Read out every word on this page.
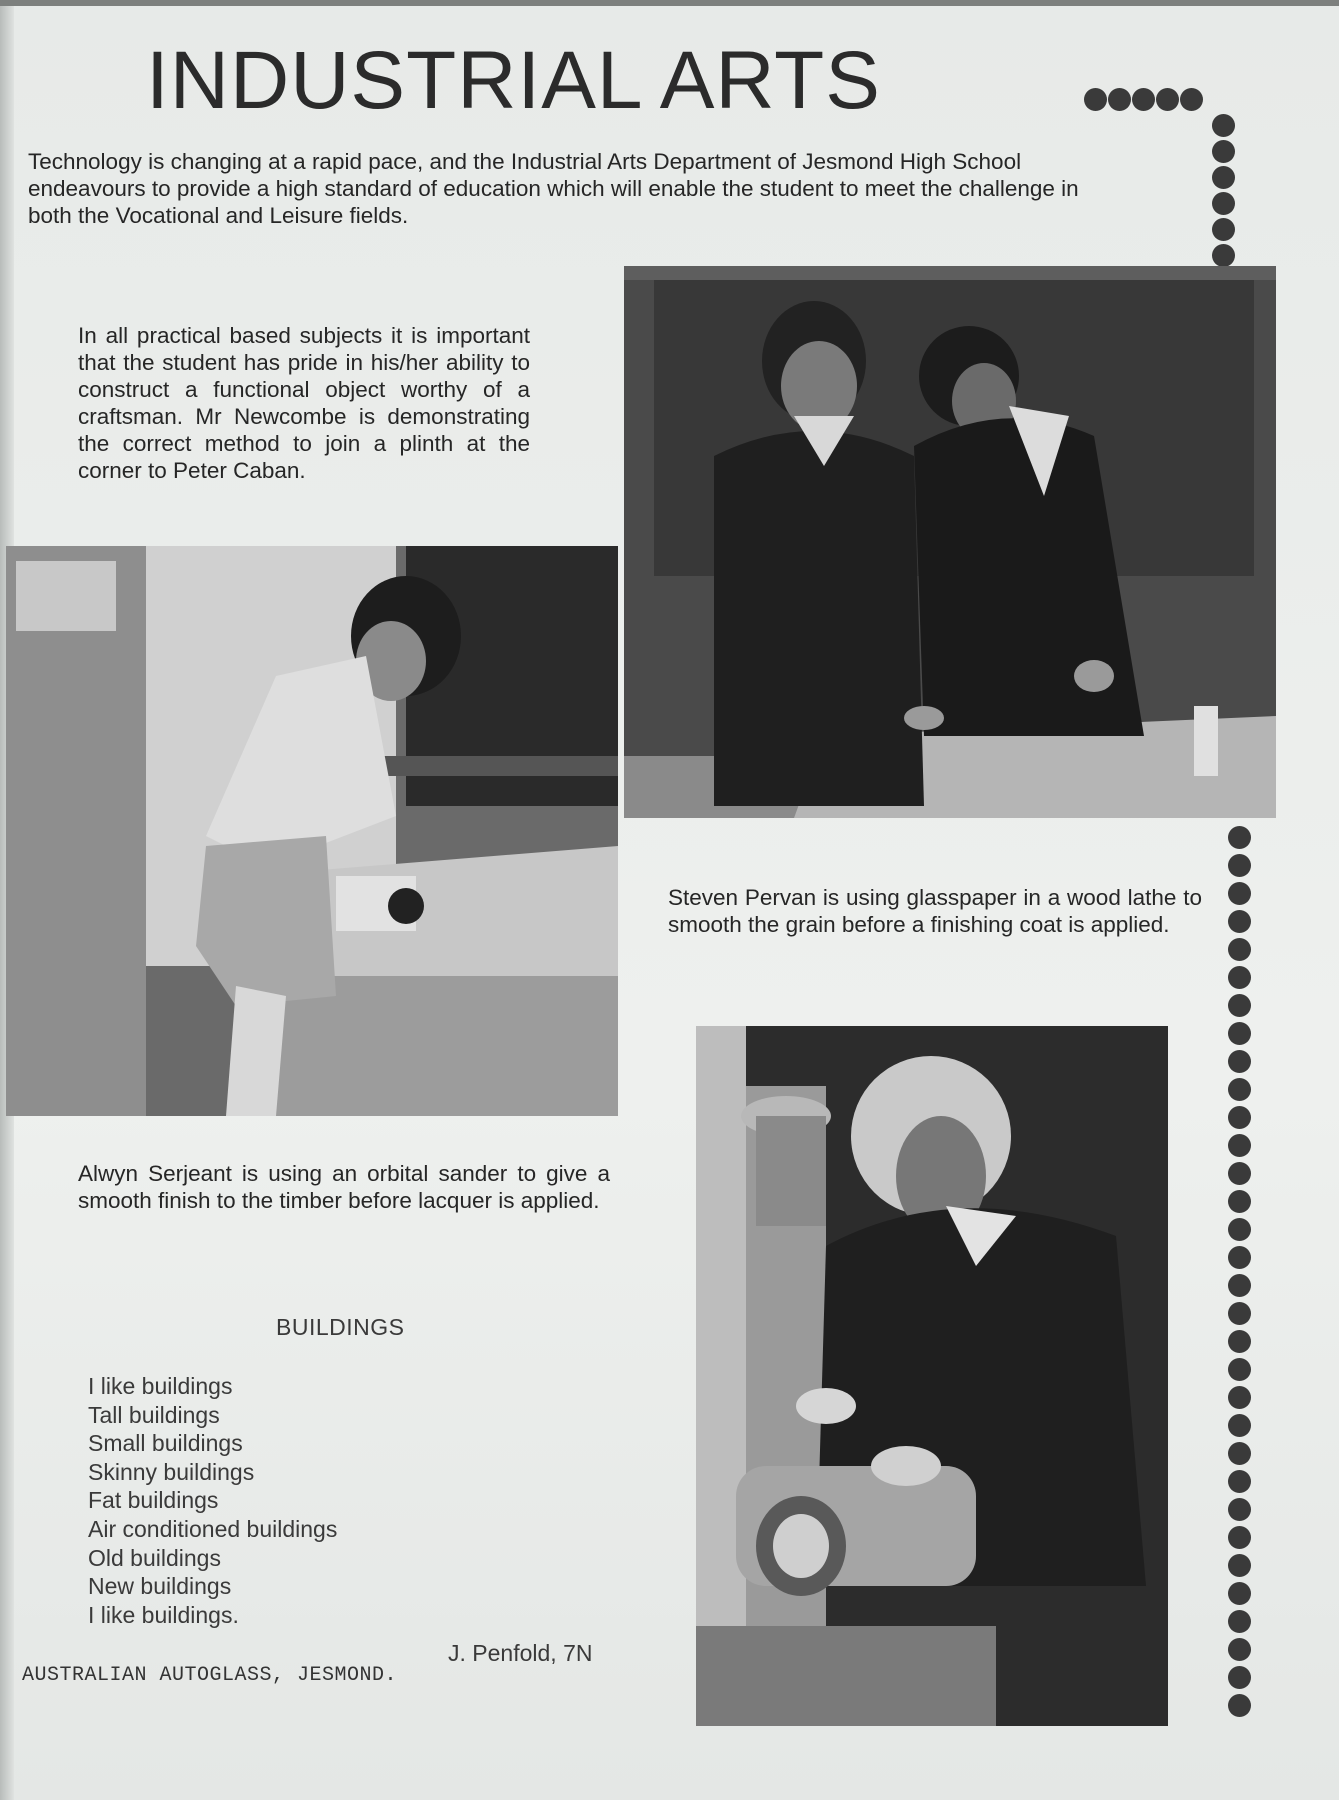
INDUSTRIAL ARTS
Technology is changing at a rapid pace, and the Industrial Arts Department of Jesmond High School endeavours to provide a high standard of education which will enable the student to meet the challenge in both the Vocational and Leisure fields.
In all practical based subjects it is important that the student has pride in his/her ability to construct a functional object worthy of a craftsman. Mr Newcombe is demonstrating the correct method to join a plinth at the corner to Peter Caban.
Steven Pervan is using glasspaper in a wood lathe to smooth the grain before a finishing coat is applied.
Alwyn Serjeant is using an orbital sander to give a smooth finish to the timber before lacquer is applied.
BUILDINGS
I like buildings
Tall buildings
Small buildings
Skinny buildings
Fat buildings
Air conditioned buildings
Old buildings
New buildings
I like buildings.
J. Penfold, 7N
AUSTRALIAN AUTOGLASS, JESMOND.
